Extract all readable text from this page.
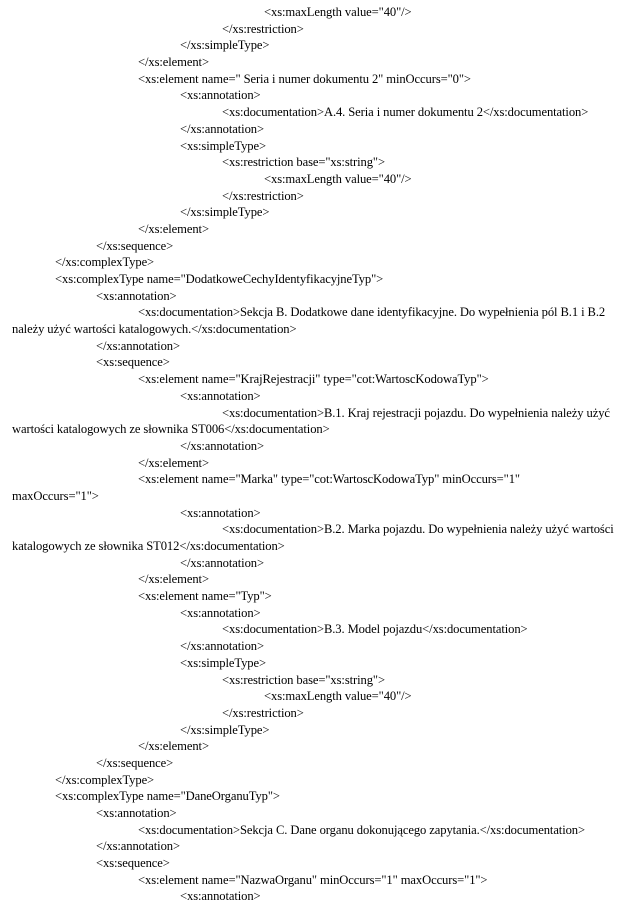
<xs:maxLength value="40"/>
</xs:restriction>
</xs:simpleType>
</xs:element>
<xs:element name=" Seria i numer dokumentu 2" minOccurs="0">
<xs:annotation>
<xs:documentation>A.4. Seria i numer dokumentu 2</xs:documentation>
</xs:annotation>
<xs:simpleType>
<xs:restriction base="xs:string">
<xs:maxLength value="40"/>
</xs:restriction>
</xs:simpleType>
</xs:element>
</xs:sequence>
</xs:complexType>
<xs:complexType name="DodatkoweCechyIdentyfikacyjneTyp">
<xs:annotation>
<xs:documentation>Sekcja B. Dodatkowe dane identyfikacyjne. Do wypełnienia pól B.1 i B.2
należy użyć wartości katalogowych.</xs:documentation>
</xs:annotation>
<xs:sequence>
<xs:element name="KrajRejestracji" type="cot:WartoscKodowaTyp">
<xs:annotation>
<xs:documentation>B.1. Kraj rejestracji pojazdu. Do wypełnienia należy użyć
wartości katalogowych ze słownika ST006</xs:documentation>
</xs:annotation>
</xs:element>
<xs:element name="Marka" type="cot:WartoscKodowaTyp" minOccurs="1"
maxOccurs="1">
<xs:annotation>
<xs:documentation>B.2. Marka pojazdu. Do wypełnienia należy użyć wartości
katalogowych ze słownika ST012</xs:documentation>
</xs:annotation>
</xs:element>
<xs:element name="Typ">
<xs:annotation>
<xs:documentation>B.3. Model pojazdu</xs:documentation>
</xs:annotation>
<xs:simpleType>
<xs:restriction base="xs:string">
<xs:maxLength value="40"/>
</xs:restriction>
</xs:simpleType>
</xs:element>
</xs:sequence>
</xs:complexType>
<xs:complexType name="DaneOrganuTyp">
<xs:annotation>
<xs:documentation>Sekcja C. Dane organu dokonującego zapytania.</xs:documentation>
</xs:annotation>
<xs:sequence>
<xs:element name="NazwaOrganu" minOccurs="1" maxOccurs="1">
<xs:annotation>
